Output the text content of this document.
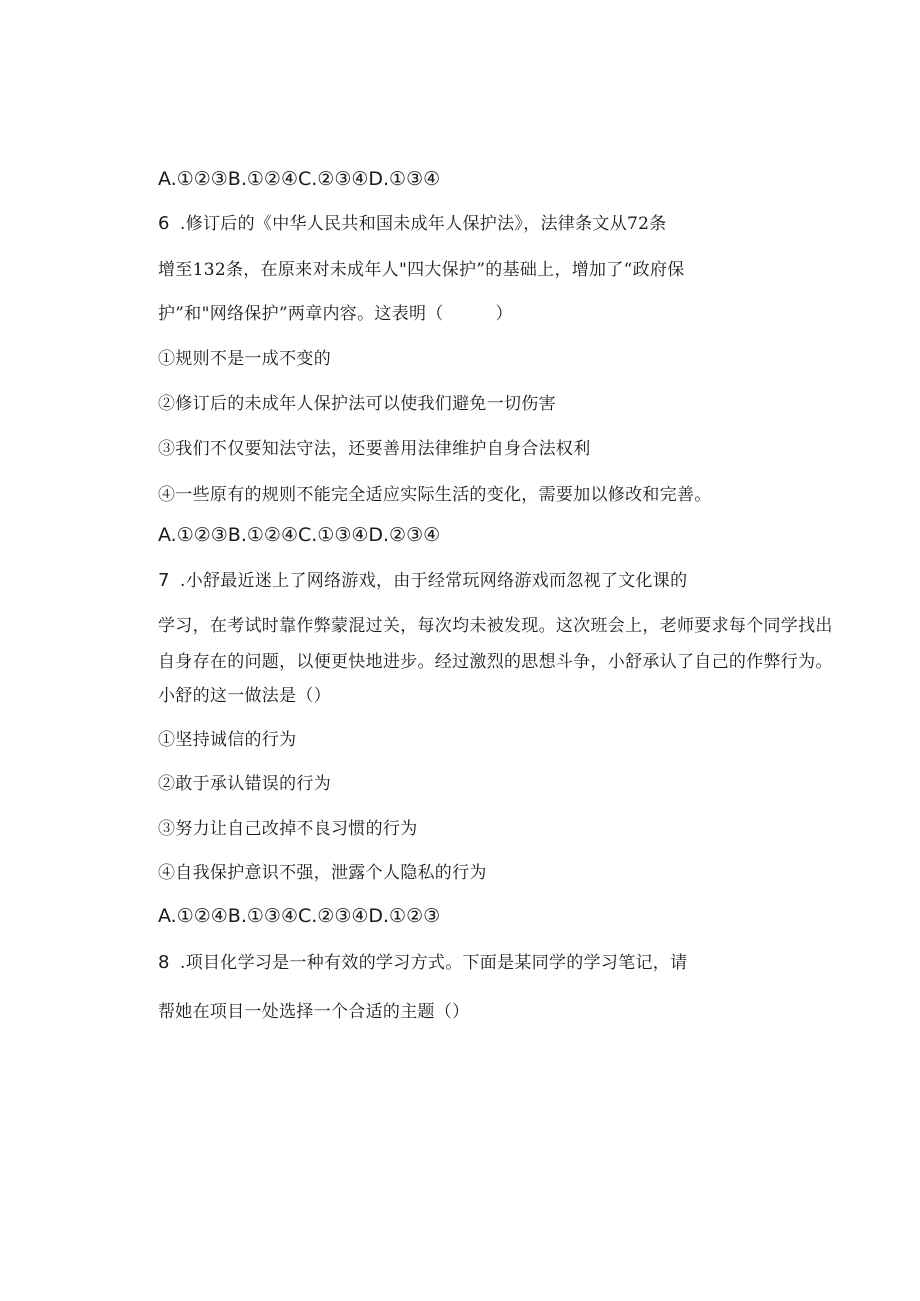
A.①②③B.①②④C.②③④D.①③④
6 .修订后的《中华人民共和国未成年人保护法》，法律条文从72条
增至132条，在原来对未成年人"四大保护”的基础上，增加了“政府保
护”和"网络保护”两章内容。这表明（　　　）
①规则不是一成不变的
②修订后的未成年人保护法可以使我们避免一切伤害
③我们不仅要知法守法，还要善用法律维护自身合法权利
④一些原有的规则不能完全适应实际生活的变化，需要加以修改和完善。
A.①②③B.①②④C.①③④D.②③④
7 .小舒最近迷上了网络游戏，由于经常玩网络游戏而忽视了文化课的
学习，在考试时靠作弊蒙混过关，每次均未被发现。这次班会上，老师要求每个同学找出
自身存在的问题，以便更快地进步。经过激烈的思想斗争，小舒承认了自己的作弊行为。
小舒的这一做法是（）
①坚持诚信的行为
②敢于承认错误的行为
③努力让自己改掉不良习惯的行为
④自我保护意识不强，泄露个人隐私的行为
A.①②④B.①③④C.②③④D.①②③
8 .项目化学习是一种有效的学习方式。下面是某同学的学习笔记，请
帮她在项目一处选择一个合适的主题（）
